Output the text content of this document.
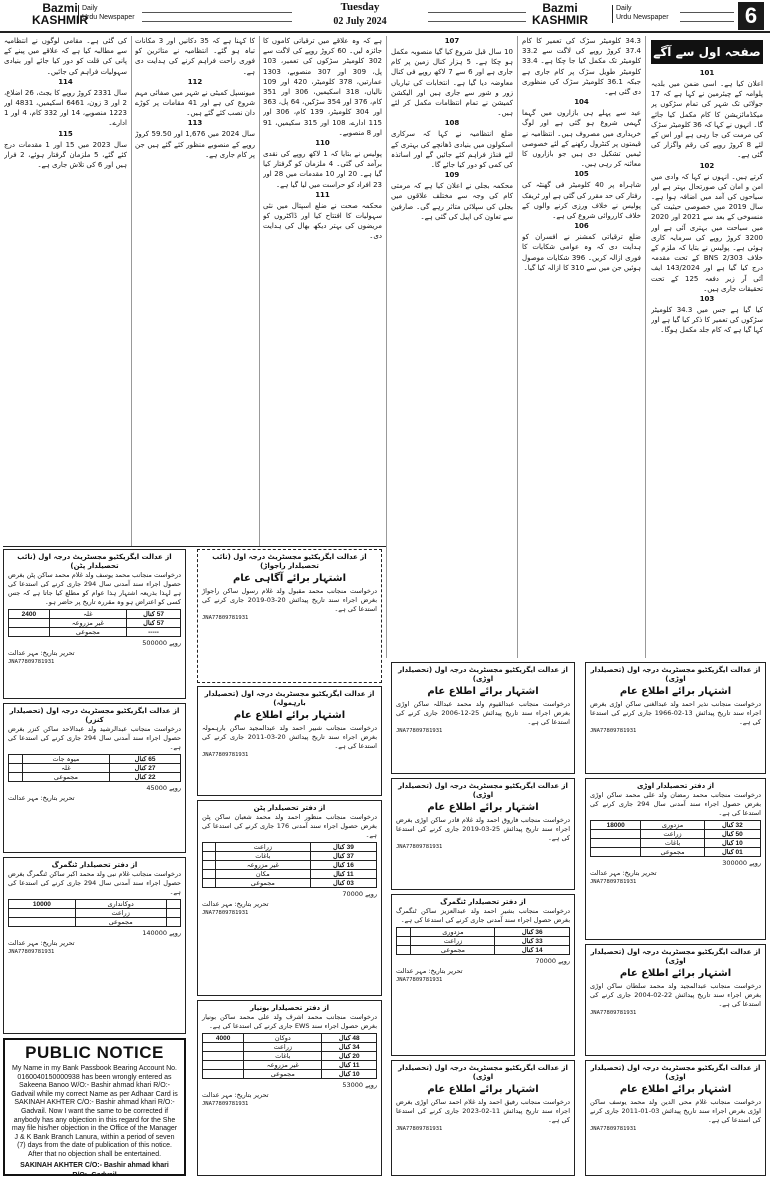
Bazmi
KASHMIR
Daily
Urdu Newspaper
Tuesday
02 July 2024
Bazmi
KASHMIR
Daily
Urdu Newspaper	6
صفحہ اول سے آگے
101
اعلان کیا ہے۔ اسی ضمن میں بلدیہ پلوامہ کے چیئرمین نے کہا ہے کہ 17 جولائی تک شہر کی تمام سڑکوں پر میکڈمائزیشن کا کام مکمل کیا جائے گا۔ انہوں نے کہا کہ 36 کلومیٹر سڑک کی مرمت کی جا رہی ہے اور اس کے لئے 8 کروڑ روپے کی رقم واگزار کی گئی ہے۔
102
کرتے ہیں۔ انہوں نے کہا کہ وادی میں امن و امان کی صورتحال بہتر ہے اور سیاحوں کی آمد میں اضافہ ہوا ہے۔ سال 2019 میں خصوصی حیثیت کی منسوخی کے بعد سے 2021 اور 2020 میں سیاحت میں بہتری آئی ہے اور 3200 کروڑ روپے کی سرمایہ کاری ہوئی ہے۔ پولیس نے بتایا کہ ملزم کے خلاف BNS 2/303 کے تحت مقدمہ درج کیا گیا ہے اور 143/2024 ایف آئی آر زیر دفعہ 125 کے تحت تحقیقات جاری ہیں۔
103
کیا گیا ہے جس میں 34.3 کلومیٹر سڑکوں کی تعمیر کا ذکر کیا گیا ہے اور کہا گیا ہے کہ کام جلد مکمل ہوگا۔
34.3 کلومیٹر سڑک کی تعمیر کا کام 37.4 کروڑ روپے کی لاگت سے 33.2 کلومیٹر تک مکمل کیا جا چکا ہے۔ 33.4 کلومیٹر طویل سڑک پر کام جاری ہے جبکہ 36.1 کلومیٹر سڑک کی منظوری دی گئی ہے۔
104
عید سے پہلے ہی بازاروں میں گہما گہمی شروع ہو گئی ہے اور لوگ خریداری میں مصروف ہیں۔ انتظامیہ نے قیمتوں پر کنٹرول رکھنے کے لئے خصوصی ٹیمیں تشکیل دی ہیں جو بازاروں کا معائنہ کر رہی ہیں۔
105
شاہراہ پر 40 کلومیٹر فی گھنٹہ کی رفتار کی حد مقرر کی گئی ہے اور ٹریفک پولیس نے خلاف ورزی کرنے والوں کے خلاف کارروائی شروع کی ہے۔
106
ضلع ترقیاتی کمشنر نے افسران کو ہدایت دی کہ وہ عوامی شکایات کا فوری ازالہ کریں۔ 396 شکایات موصول ہوئیں جن میں سے 310 کا ازالہ کیا گیا۔
107
10 سال قبل شروع کیا گیا منصوبہ مکمل ہو چکا ہے۔ 5 ہزار کنال زمین پر کام جاری ہے اور 6 سے 7 لاکھ روپے فی کنال معاوضہ دیا گیا ہے۔ انتخابات کی تیاریاں زور و شور سے جاری ہیں اور الیکشن کمیشن نے تمام انتظامات مکمل کر لئے ہیں۔
108
ضلع انتظامیہ نے کہا کہ سرکاری اسکولوں میں بنیادی ڈھانچے کی بہتری کے لئے فنڈز فراہم کئے جائیں گے اور اساتذہ کی کمی کو دور کیا جائے گا۔
109
محکمہ بجلی نے اعلان کیا ہے کہ مرمتی کام کی وجہ سے مختلف علاقوں میں بجلی کی سپلائی متاثر رہے گی۔ صارفین سے تعاون کی اپیل کی گئی ہے۔
ہے کہ وہ علاقے میں ترقیاتی کاموں کا جائزہ لیں۔ 60 کروڑ روپے کی لاگت سے 302 کلومیٹر سڑکوں کی تعمیر، 103 پل، 309 اور 307 منصوبے، 1303 عمارتیں، 378 کلومیٹر، 420 اور 109 نالیاں، 318 اسکیمیں، 306 اور 351 کام، 376 اور 354 سڑکیں، 64 پل، 363 اور 304 کلومیٹر، 139 کام، 306 اور 115 ادارے، 108 اور 315 سکیمیں، 91 اور 8 منصوبے۔
110
پولیس نے بتایا کہ 1 لاکھ روپے کی نقدی برآمد کی گئی۔ 4 ملزمان کو گرفتار کیا گیا ہے۔ 20 اور 10 مقدمات میں 28 اور 23 افراد کو حراست میں لیا گیا ہے۔
111
محکمہ صحت نے ضلع اسپتال میں نئی سہولیات کا افتتاح کیا اور ڈاکٹروں کو مریضوں کی بہتر دیکھ بھال کی ہدایت دی۔
کا کہنا ہے کہ 35 دکانیں اور 3 مکانات تباہ ہو گئے۔ انتظامیہ نے متاثرین کو فوری راحت فراہم کرنے کی ہدایت دی ہے۔
112
میونسپل کمیٹی نے شہر میں صفائی مہم شروع کی ہے اور 41 مقامات پر کوڑے دان نصب کئے گئے ہیں۔
113
سال 2024 میں 1,676 اور 59.50 کروڑ روپے کے منصوبے منظور کئے گئے ہیں جن پر کام جاری ہے۔
کی گئی ہے۔ مقامی لوگوں نے انتظامیہ سے مطالبہ کیا ہے کہ علاقے میں پینے کے پانی کی قلت کو دور کیا جائے اور بنیادی سہولیات فراہم کی جائیں۔
114
سال 2331 کروڑ روپے کا بجٹ، 26 اضلاع، 2 اور 3 زون، 6461 اسکیمیں، 4831 اور 1223 منصوبے، 14 اور 332 کام، 4 اور 1 ادارے۔
115
سال 2023 میں 15 اور 1 مقدمات درج کئے گئے، 5 ملزمان گرفتار ہوئے، 2 فرار ہیں اور 6 کی تلاش جاری ہے۔
از عدالت ایگزیکٹیو مجسٹریٹ درجہ اول (نائب تحصیلدار پٹن)
درخواست منجانب محمد یوسف ولد غلام محمد ساکن پٹن بغرض حصول اجراء سند آمدنی سال 294 جاری کرنے کی استدعا کی ہے لہذا بذریعہ اشتہار ہذا عوام کو مطلع کیا جاتا ہے کہ جس کسی کو اعتراض ہو وہ مقررہ تاریخ پر حاضر ہو۔
57 کنال	غلہ	2400
57 کنال	غیر مزروعہ	
-----	مجموعی	
روپے 500000
تحریر بتاریخ: مہر عدالت
JNA77809781931
از عدالت ایگزیکٹیو مجسٹریٹ درجہ اول (تحصیلدار کنزر)
درخواست منجانب عبدالرشید ولد عبدالاحد ساکن کنزر بغرض حصول اجراء سند آمدنی سال 294 جاری کرنے کی استدعا کی ہے۔
65 کنال	میوہ جات	
27 کنال	غلہ	
22 کنال	مجموعی	
روپے 45000
تحریر بتاریخ: مہر عدالت
از دفتر تحصیلدار ٹنگمرگ
درخواست منجانب غلام نبی ولد محمد اکبر ساکن ٹنگمرگ بغرض حصول اجراء سند آمدنی سال 294 جاری کرنے کی استدعا کی ہے۔
	دوکانداری	10000
	زراعت	
	مجموعی	
روپے 140000
تحریر بتاریخ: مہر عدالت
JNA77809781931
PUBLIC NOTICE
My Name in my Bank Passbook Bearing Account No. 0160040150000938 has been wrongly entered as Sakeena Banoo W/O:- Bashir ahmad khari R/O:- Gadvail while my correct Name as per Adhaar Card is SAKINAH AKHTER C/O:- Bashir ahmad khari R/O:- Gadvail. Now I want the same to be corrected if anybody has any objection in this regard for the She may file his/her objection in the Office of the Manager J & K Bank Branch Lanura, within a period of seven (7) days from the date of publication of this notice. After that no objection shall be entertained.
SAKINAH AKHTER C/O:- Bashir ahmad khari
R/O:- Gadvail
از عدالت ایگزیکٹیو مجسٹریٹ درجہ اول (نائب تحصیلدار راجواڑ)
اشتہار برائے آگاہی عام
درخواست منجانب محمد مقبول ولد غلام رسول ساکن راجواڑ بغرض اجراء سند تاریخ پیدائش 20-03-2019 جاری کرنے کی استدعا کی ہے۔
JNA77809781931
از عدالت ایگزیکٹیو مجسٹریٹ درجہ اول (تحصیلدار بارہمولہ)
اشتہار برائے اطلاع عام
درخواست منجانب شبیر احمد ولد عبدالمجید ساکن بارہمولہ بغرض اجراء سند تاریخ پیدائش 20-03-2011 جاری کرنے کی استدعا کی ہے۔
JNA77809781931
از دفتر تحصیلدار پٹن
درخواست منجانب منظور احمد ولد محمد شعبان ساکن پٹن بغرض حصول اجراء سند آمدنی 176 جاری کرنے کی استدعا کی ہے۔
39 کنال	زراعت	
37 کنال	باغات	
16 کنال	غیر مزروعہ	
11 کنال	مکان	
03 کنال	مجموعی	
روپے 70000
تحریر بتاریخ: مہر عدالت
JNA77809781931
از دفتر تحصیلدار بونیار
درخواست منجانب محمد اشرف ولد علی محمد ساکن بونیار بغرض حصول اجراء سند EWS جاری کرنے کی استدعا کی ہے۔
48 کنال	دوکان	4000
34 کنال	زراعت	
20 کنال	باغات	
11 کنال	غیر مزروعہ	
10 کنال	مجموعی	
روپے 53000
تحریر بتاریخ: مہر عدالت
JNA77809781931
از عدالت ایگزیکٹیو مجسٹریٹ درجہ اول (تحصیلدار اوڑی)
اشتہار برائے اطلاع عام
درخواست منجانب عبدالقیوم ولد محمد عبداللہ ساکن اوڑی بغرض اجراء سند تاریخ پیدائش 25-12-2006 جاری کرنے کی استدعا کی ہے۔
JNA77809781931
از عدالت ایگزیکٹیو مجسٹریٹ درجہ اول (تحصیلدار اوڑی)
اشتہار برائے اطلاع عام
درخواست منجانب فاروق احمد ولد غلام قادر ساکن اوڑی بغرض اجراء سند تاریخ پیدائش 25-03-2019 جاری کرنے کی استدعا کی ہے۔
JNA77809781931
از دفتر تحصیلدار ٹنگمرگ
درخواست منجانب بشیر احمد ولد عبدالعزیز ساکن ٹنگمرگ بغرض حصول اجراء سند آمدنی جاری کرنے کی استدعا کی ہے۔
36 کنال	مزدوری	
33 کنال	زراعت	
14 کنال	مجموعی	
روپے 70000
تحریر بتاریخ: مہر عدالت
JNA77809781931
از عدالت ایگزیکٹیو مجسٹریٹ درجہ اول (تحصیلدار اوڑی)
اشتہار برائے اطلاع عام
درخواست منجانب رفیق احمد ولد غلام احمد ساکن اوڑی بغرض اجراء سند تاریخ پیدائش 11-02-2023 جاری کرنے کی استدعا کی ہے۔
JNA77809781931
از عدالت ایگزیکٹیو مجسٹریٹ درجہ اول (تحصیلدار اوڑی)
اشتہار برائے اطلاع عام
درخواست منجانب نذیر احمد ولد عبدالغنی ساکن اوڑی بغرض اجراء سند تاریخ پیدائش 13-02-1966 جاری کرنے کی استدعا کی ہے۔
JNA77809781931
از دفتر تحصیلدار اوڑی
درخواست منجانب محمد رمضان ولد علی محمد ساکن اوڑی بغرض حصول اجراء سند آمدنی سال 294 جاری کرنے کی استدعا کی ہے۔
32 کنال	مزدوری	18000
50 کنال	زراعت	
10 کنال	باغات	
01 کنال	مجموعی	
روپے 300000
تحریر بتاریخ: مہر عدالت
JNA77809781931
از عدالت ایگزیکٹیو مجسٹریٹ درجہ اول (تحصیلدار اوڑی)
اشتہار برائے اطلاع عام
درخواست منجانب عبدالمجید ولد محمد سلطان ساکن اوڑی بغرض اجراء سند تاریخ پیدائش 22-02-2004 جاری کرنے کی استدعا کی ہے۔
JNA77809781931
از عدالت ایگزیکٹیو مجسٹریٹ درجہ اول (تحصیلدار اوڑی)
اشتہار برائے اطلاع عام
درخواست منجانب غلام محی الدین ولد محمد یوسف ساکن اوڑی بغرض اجراء سند تاریخ پیدائش 03-01-2011 جاری کرنے کی استدعا کی ہے۔
JNA77809781931
